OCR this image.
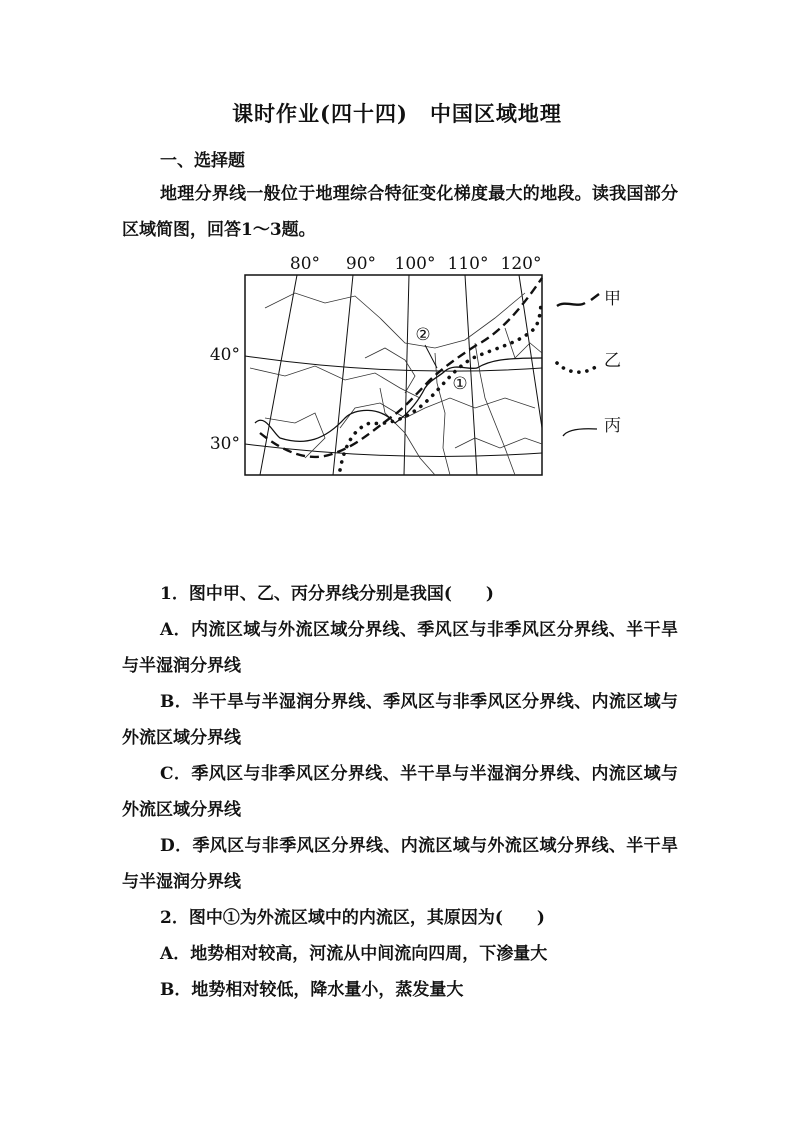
课时作业(四十四) 中国区域地理
一、选择题
地理分界线一般位于地理综合特征变化梯度最大的地段。读我国部分区域简图，回答1～3题。
②
①
80° 90° 100° 110° 120°
40°
30°
甲
乙
丙
1．图中甲、乙、丙分界线分别是我国(　　)
A．内流区域与外流区域分界线、季风区与非季风区分界线、半干旱与半湿润分界线
B．半干旱与半湿润分界线、季风区与非季风区分界线、内流区域与外流区域分界线
C．季风区与非季风区分界线、半干旱与半湿润分界线、内流区域与外流区域分界线
D．季风区与非季风区分界线、内流区域与外流区域分界线、半干旱与半湿润分界线
2．图中①为外流区域中的内流区，其原因为(　　)
A．地势相对较高，河流从中间流向四周，下渗量大
B．地势相对较低，降水量小，蒸发量大
